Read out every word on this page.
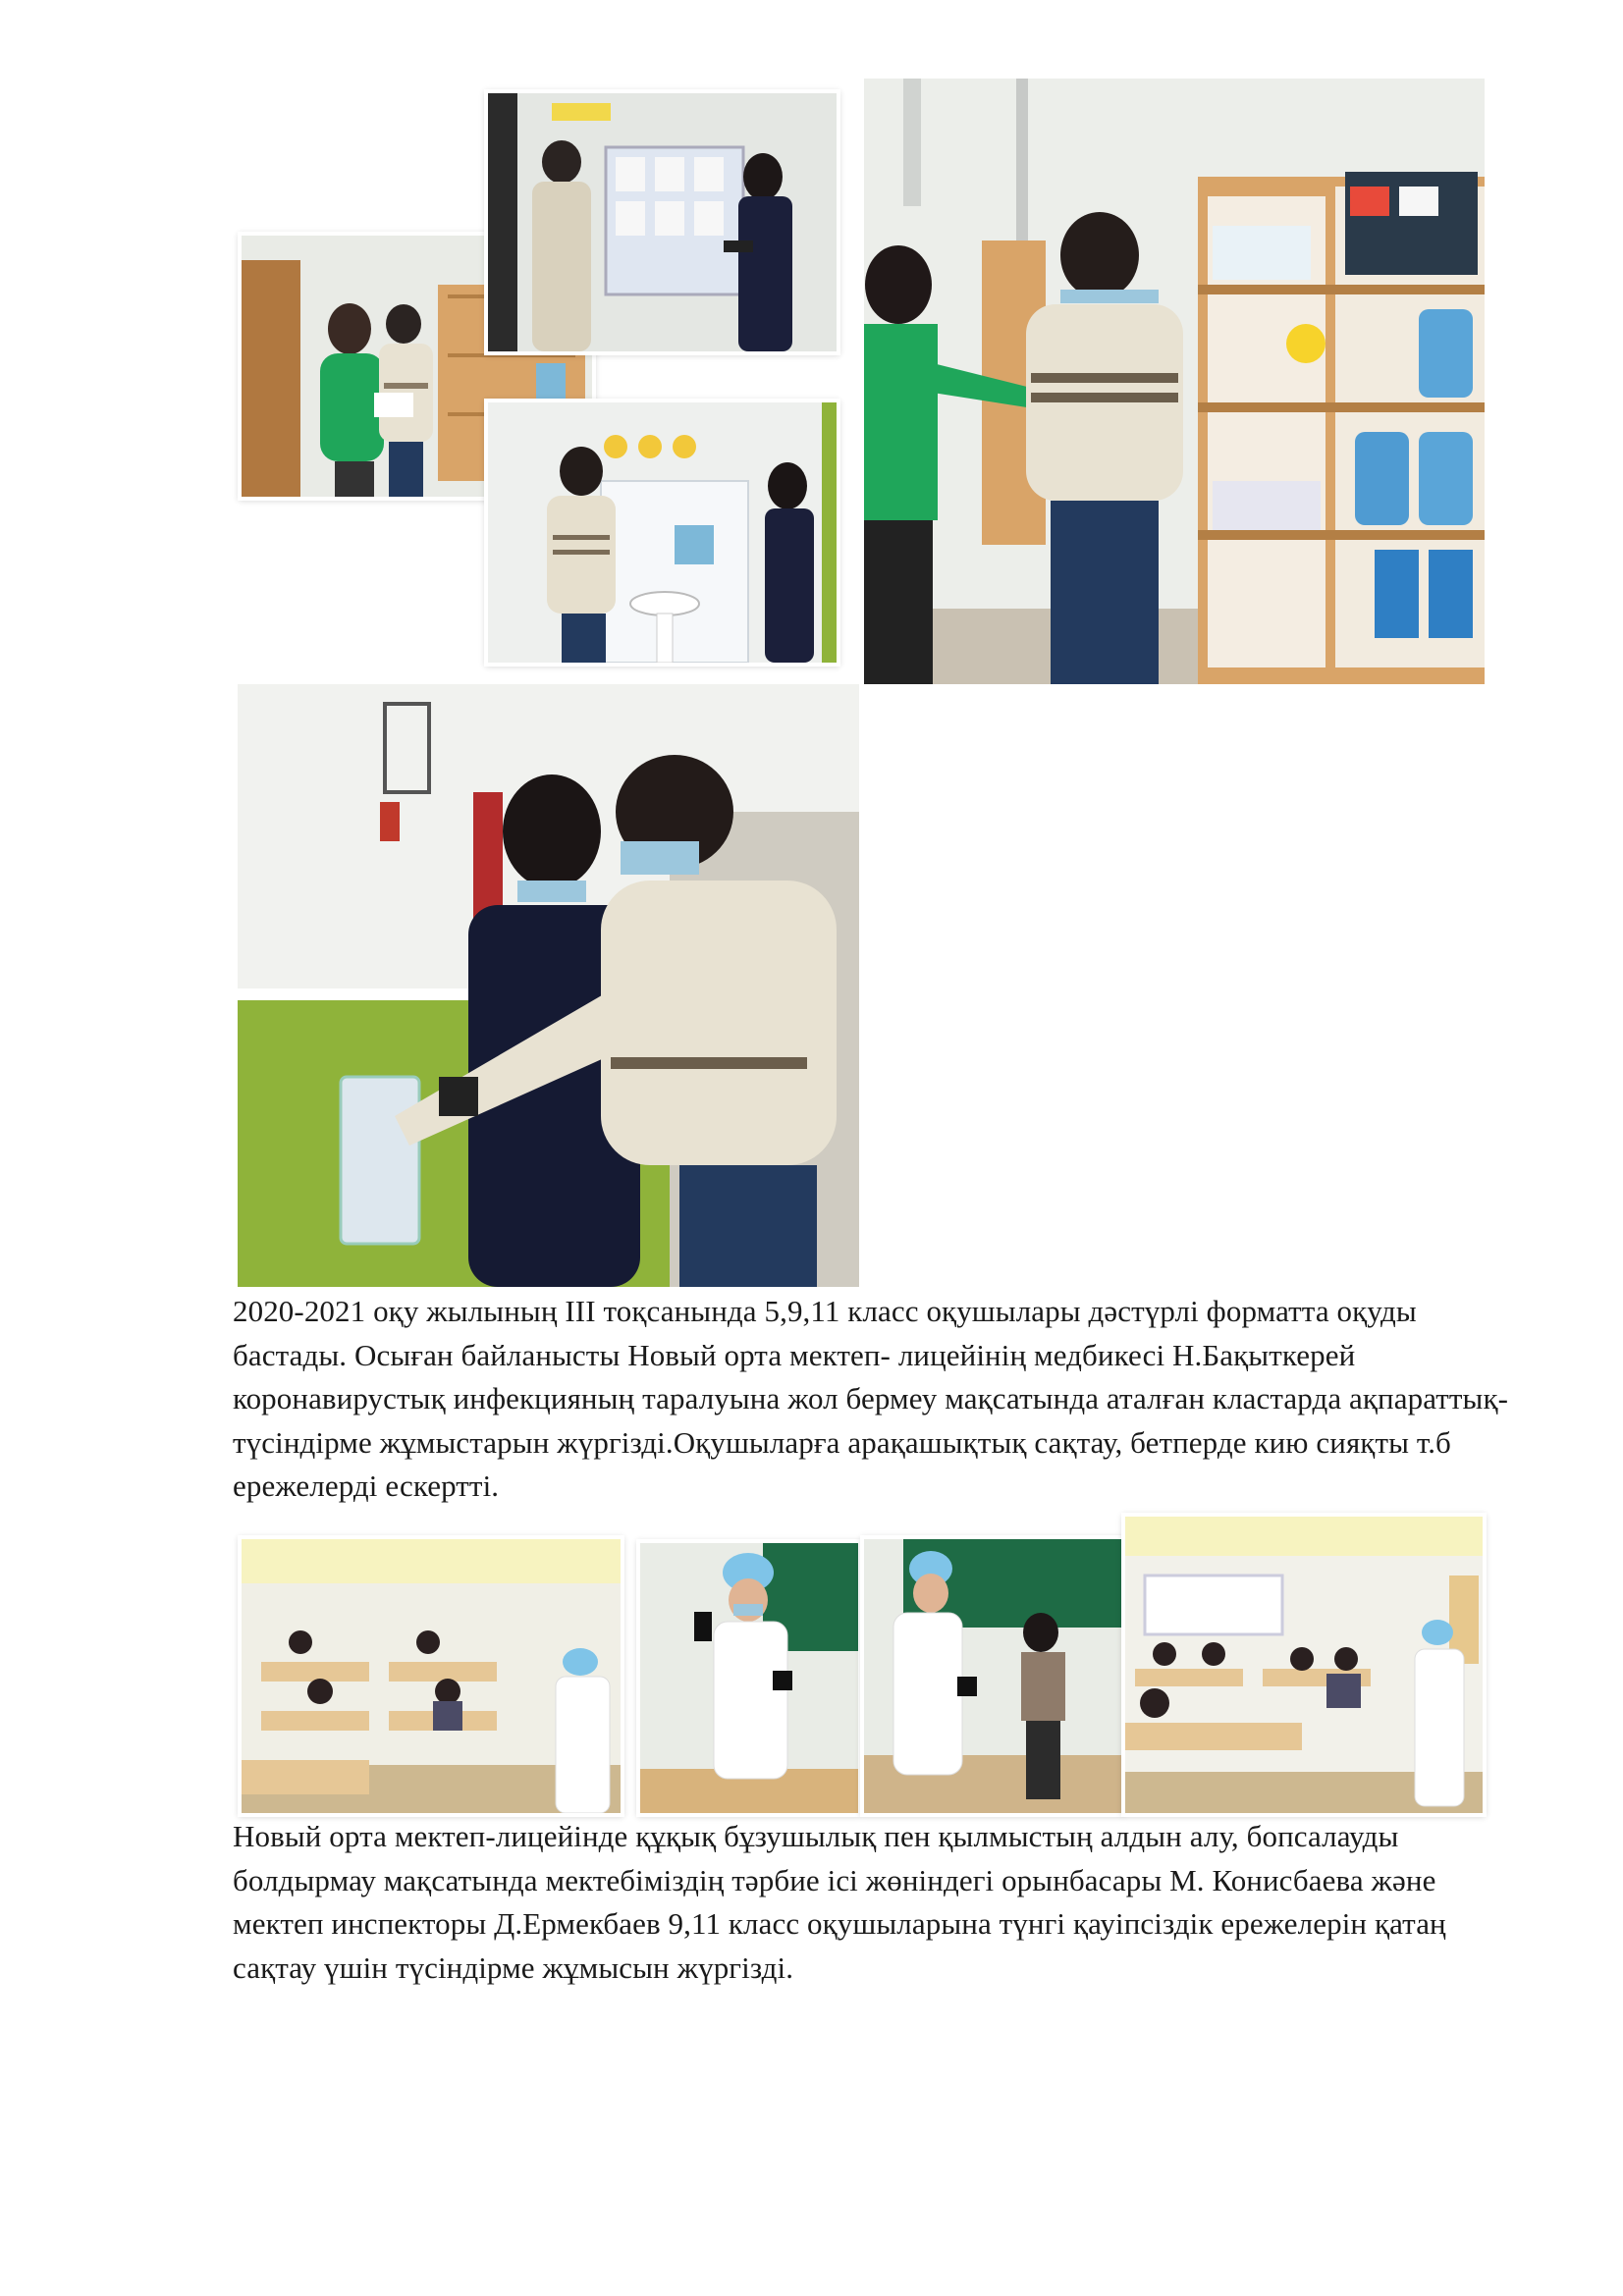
2020-2021 оқу жылының ІІІ тоқсанында 5,9,11 класс оқушылары дәстүрлі форматта оқуды бастады. Осыған байланысты Новый орта мектеп- лицейінің медбикесі Н.Бақыткерей коронавирустық инфекцияның таралуына жол бермеу мақсатында аталған кластарда ақпараттық- түсіндірме жұмыстарын жүргізді.Оқушыларға арақашықтық сақтау, бетперде кию сияқты т.б ережелерді ескертті.

Новый орта мектеп-лицейінде құқық бұзушылық пен қылмыстың алдын алу, бопсалауды болдырмау мақсатында мектебіміздің тәрбие ісі жөніндегі орынбасары М. Конисбаева және мектеп инспекторы Д.Ермекбаев 9,11 класс оқушыларына түнгі қауіпсіздік ережелерін қатаң сақтау үшін түсіндірме жұмысын жүргізді.
